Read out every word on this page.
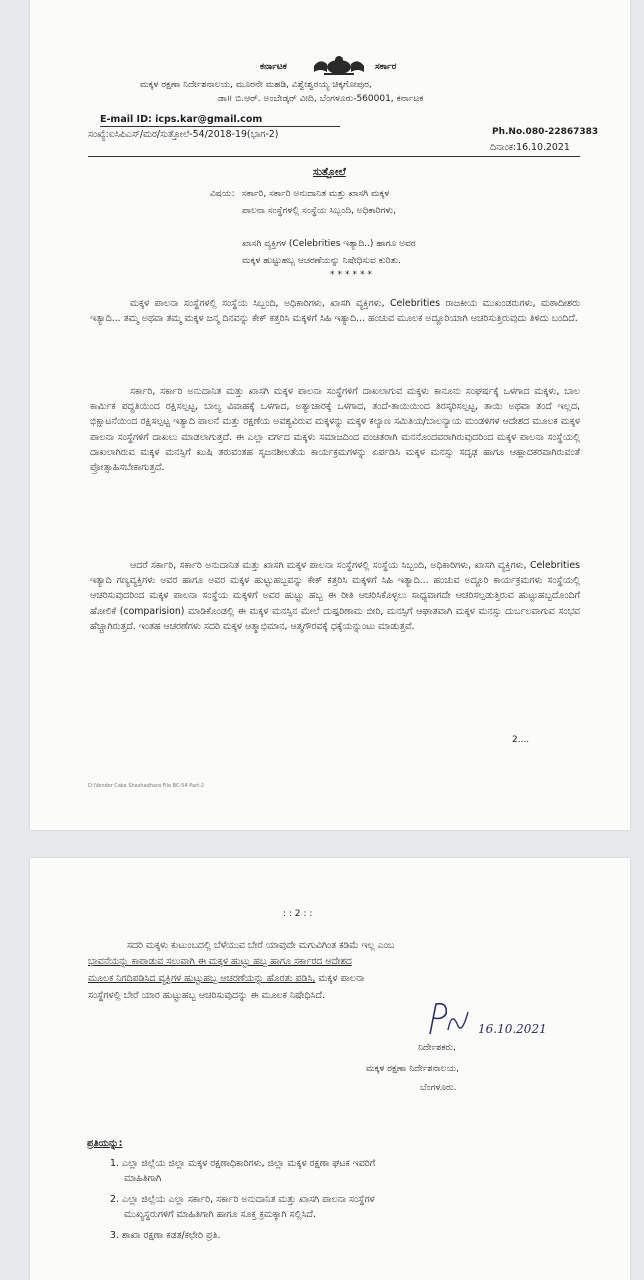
ಕರ್ನಾಟಕ	ಸರ್ಕಾರ
ಮಕ್ಕಳ ರಕ್ಷಣಾ ನಿರ್ದೇಶನಾಲಯ, ಮೂರನೇ ಮಹಡಿ, ವಿಶ್ವೇಶ್ವರಯ್ಯ ಚಿಕ್ಕಗೋಪುರ,
ಡಾ॥ ಬಿ.ಆರ್. ಅಂಬೇಡ್ಕರ್ ವೀದಿ, ಬೆಂಗಳೂರು-560001, ಕರ್ನಾಟಕ
E-mail ID: icps.kar@gmail.com
Ph.No.080-22867383
ಸಂಖ್ಯೆ:ಐಸಿಪಿಎಸ್/ಮರ/ಸುತ್ತೋಲೆ-54/2018-19(ಭಾಗ-2)
ದಿನಾಂಕ:16.10.2021
ಸುತ್ತೋಲೆ
ವಿಷಯ: ಸರ್ಕಾರಿ, ಸರ್ಕಾರಿ ಅನುದಾನಿತ ಮತ್ತು ಖಾಸಗಿ ಮಕ್ಕಳ
ಪಾಲನಾ ಸಂಸ್ಥೆಗಳಲ್ಲಿ ಸಂಸ್ಥೆಯ ಸಿಬ್ಬಂದಿ, ಅಧಿಕಾರಿಗಳು,
ಖಾಸಗಿ ವ್ಯಕ್ತಿಗಳ (Celebrities ಇತ್ಯಾದಿ..) ಹಾಗೂ ಅವರ
ಮಕ್ಕಳ ಹುಟ್ಟುಹಬ್ಬ ಆಚರಣೆಯನ್ನು ನಿಷೇಧಿಸುವ ಕುರಿತು.
******
ಮಕ್ಕಳ ಪಾಲನಾ ಸಂಸ್ಥೆಗಳಲ್ಲಿ ಸಂಸ್ಥೆಯ ಸಿಬ್ಬಂದಿ, ಅಧಿಕಾರಿಗಳು, ಖಾಸಗಿ ವ್ಯಕ್ತಿಗಳು, Celebrities ರಾಜಕೀಯ ಮುಖಂಡರುಗಳು, ಮಠಾದೀಶರು ಇತ್ಯಾದಿ... ತಮ್ಮ ಅಥವಾ ತಮ್ಮ ಮಕ್ಕಳ ಜನ್ಮ ದಿನವನ್ನು ಕೇಕ್ ಕತ್ತರಿಸಿ ಮಕ್ಕಳಿಗೆ ಸಿಹಿ ಇತ್ಯಾದಿ... ಹಂಚುವ ಮೂಲಕ ಅದ್ದೂರಿಯಾಗಿ ಆಚರಿಸುತ್ತಿರುವುದು ತಿಳಿದು ಬಂದಿದೆ.
ಸರ್ಕಾರಿ, ಸರ್ಕಾರಿ ಅನುದಾನಿತ ಮತ್ತು ಖಾಸಗಿ ಮಕ್ಕಳ ಪಾಲನಾ ಸಂಸ್ಥೆಗಳಿಗೆ ದಾಖಲಾಗುವ ಮಕ್ಕಳು ಕಾನೂನು ಸಂಘರ್ಷಕ್ಕೆ ಒಳಗಾದ ಮಕ್ಕಳು, ಬಾಲ ಕಾರ್ಮಿಕ ಪದ್ದತಿಯಿಂದ ರಕ್ಷಿಸಲ್ಪಟ್ಟ, ಬಾಲ್ಯ ವಿವಾಹಕ್ಕೆ ಒಳಗಾದ, ಅತ್ಯಾಚಾರಕ್ಕೆ ಒಳಗಾದ, ತಂದೆ-ತಾಯಿಯಿಂದ ತಿರಸ್ಕರಿಸಲ್ಪಟ್ಟ, ತಾಯಿ ಅಥವಾ ತಂದೆ ಇಲ್ಲದ, ಭಿಕ್ಷಾಟನೆಯಿಂದ ರಕ್ಷಿಸಲ್ಪಟ್ಟ ಇತ್ಯಾದಿ ಪಾಲನೆ ಮತ್ತು ರಕ್ಷಣೆಯ ಅವಶ್ಯವಿರುವ ಮಕ್ಕಳನ್ನು ಮಕ್ಕಳ ಕಲ್ಯಾಣ ಸಮಿತಿಯ/ಬಾಲನ್ಯಾಯ ಮಂಡಳಿಗಳ ಆದೇಶದ ಮೂಲಕ ಮಕ್ಕಳ ಪಾಲನಾ ಸಂಸ್ಥೆಗಳಿಗೆ ದಾಖಲು ಮಾಡಲಾಗುತ್ತದೆ. ಈ ಎಲ್ಲಾ ವರ್ಗದ ಮಕ್ಕಳು ಸಮಾಜದಿಂದ ವಂಚಿತರಾಗಿ ಮನನೊಂದವರಾಗಿರುವುದರಿಂದ ಮಕ್ಕಳ ಪಾಲನಾ ಸಂಸ್ಥೆಯಲ್ಲಿ ದಾಖಲಾಗಿರುವ ಮಕ್ಕಳ ಮನಸ್ಸಿಗೆ ಖುಷಿ ತರುವಂತಹ ಸೃಜನಶೀಲತೆಯ ಕಾರ್ಯಕ್ರಮಗಳನ್ನು ಏರ್ಪಡಿಸಿ ಮಕ್ಕಳ ಮನಸ್ಸು ಸದೃಢ ಹಾಗೂ ಆಹ್ಲಾದಕರವಾಗಿರುವಂತೆ ಪ್ರೋತ್ಸಾಹಿಸಬೇಕಾಗುತ್ತದೆ.
ಆದರೆ ಸರ್ಕಾರಿ, ಸರ್ಕಾರಿ ಅನುದಾನಿತ ಮತ್ತು ಖಾಸಗಿ ಮಕ್ಕಳ ಪಾಲನಾ ಸಂಸ್ಥೆಗಳಲ್ಲಿ ಸಂಸ್ಥೆಯ ಸಿಬ್ಬಂದಿ, ಅಧಿಕಾರಿಗಳು, ಖಾಸಗಿ ವ್ಯಕ್ತಿಗಳು, Celebrities ಇತ್ಯಾದಿ ಗಣ್ಯವ್ಯಕ್ತಿಗಳು ಅವರ ಹಾಗೂ ಅವರ ಮಕ್ಕಳ ಹುಟ್ಟುಹಬ್ಬವನ್ನು ಕೇಕ್ ಕತ್ತರಿಸಿ ಮಕ್ಕಳಿಗೆ ಸಿಹಿ ಇತ್ಯಾದಿ... ಹಂಚುವ ಅದ್ದೂರಿ ಕಾರ್ಯಕ್ರಮಗಳು ಸಂಸ್ಥೆಯಲ್ಲಿ ಆಚರಿಸುವುದರಿಂದ ಮಕ್ಕಳ ಪಾಲನಾ ಸಂಸ್ಥೆಯ ಮಕ್ಕಳಿಗೆ ಅವರ ಹುಟ್ಟು ಹಬ್ಬ ಈ ರೀತಿ ಆಚರಿಸಿಕೊಳ್ಳಲು ಸಾಧ್ಯವಾಗದೇ ಆಚರಿಸಲ್ಪಡುತ್ತಿರುವ ಹುಟ್ಟುಹಬ್ಬದೊಂದಿಗೆ ಹೋಲಿಕೆ (comparision) ಮಾಡಿಕೊಂಡಲ್ಲಿ ಈ ಮಕ್ಕಳ ಮನಸ್ಸಿನ ಮೇಲೆ ದುಷ್ಪರಿಣಾಮ ಬೀರಿ, ಮನಸ್ಸಿಗೆ ಆಘಾತವಾಗಿ ಮಕ್ಕಳ ಮನಸ್ಸು ದುರ್ಬಲವಾಗುವ ಸಂಭವ ಹೆಚ್ಚಾಗಿರುತ್ತದೆ. ಇಂತಹ ಆಚರಣೆಗಳು ಸದರಿ ಮಕ್ಕಳ ಆತ್ಮಾಭಿಮಾನ, ಆತ್ಮಗೌರವಕ್ಕೆ ಧಕ್ಕೆಯನ್ನುಂಟು ಮಾಡುತ್ತವೆ.
2....
D:\Vendor Cake Shashadhara File BC-54 Part-2
: : 2 : :
ಸದರಿ ಮಕ್ಕಳು ಕುಟುಂಬದಲ್ಲಿ ಬೆಳೆಯುವ ಬೇರೆ ಯಾವುದೇ ಮಗುವಿಗಿಂತ ಕಡಿಮೆ ಇಲ್ಲ ಎಂಬ
ಭಾವನೆಯನ್ನು ಕಾಪಾಡುವ ಸಲುವಾಗಿ ಈ ಮಕ್ಕಳ ಹುಟ್ಟು ಹಬ್ಬ ಹಾಗೂ ಸರ್ಕಾರದ ಆದೇಶದ
ಮೂಲಕ ನಿಗದಿಪಡಿಸಿದ ವ್ಯಕ್ತಿಗಳ ಹುಟ್ಟುಹಬ್ಬ ಆಚರಣೆಯನ್ನು ಹೊರತು ಪಡಿಸಿ, ಮಕ್ಕಳ ಪಾಲನಾ
ಸಂಸ್ಥೆಗಳಲ್ಲಿ ಬೇರೆ ಯಾರ ಹುಟ್ಟುಹಬ್ಬ ಆಚರಿಸುವುದನ್ನು ಈ ಮೂಲಕ ನಿಷೇಧಿಸಿದೆ.
16.10.2021
ನಿರ್ದೇಶಕರು,
ಮಕ್ಕಳ ರಕ್ಷಣಾ ನಿರ್ದೇಶನಾಲಯ,
ಬೆಂಗಳೂರು.
ಪ್ರತಿಯನ್ನು:
1. ಎಲ್ಲಾ ಜಿಲ್ಲೆಯ ಜಿಲ್ಲಾ ಮಕ್ಕಳ ರಕ್ಷಣಾಧಿಕಾರಿಗಳು, ಜಿಲ್ಲಾ ಮಕ್ಕಳ ರಕ್ಷಣಾ ಘಟಕ ಇವರಿಗೆ
ಮಾಹಿತಿಗಾಗಿ
2. ಎಲ್ಲಾ ಜಿಲ್ಲೆಯ ಎಲ್ಲಾ ಸರ್ಕಾರಿ, ಸರ್ಕಾರಿ ಅನುದಾನಿತ ಮತ್ತು ಖಾಸಗಿ ಪಾಲನಾ ಸಂಸ್ಥೆಗಳ
ಮುಖ್ಯಸ್ಥರುಗಳಿಗೆ ಮಾಹಿತಿಗಾಗಿ ಹಾಗೂ ಸೂಕ್ತ ಕ್ರಮಕ್ಕಾಗಿ ಸಲ್ಲಿಸಿದೆ.
3. ಶಾಖಾ ರಕ್ಷಣಾ ಕಡತ/ಕಛೇರಿ ಪ್ರತಿ.
